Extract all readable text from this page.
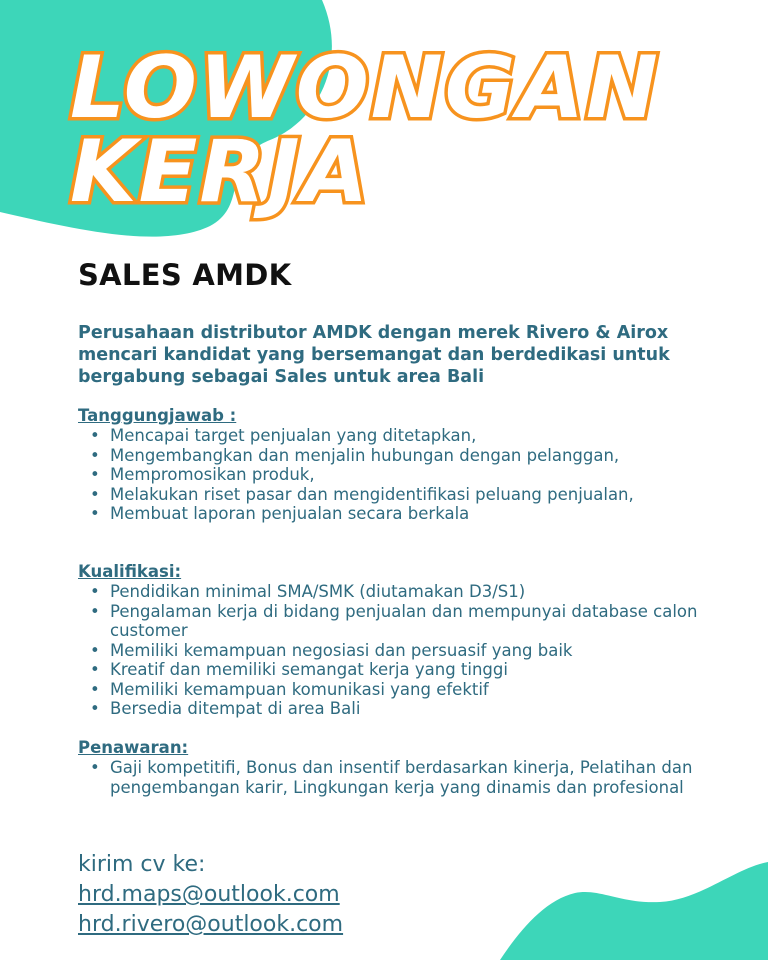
LOWONGAN
KERJA
SALES AMDK

Perusahaan distributor AMDK dengan merek Rivero & Airox mencari kandidat yang bersemangat dan berdedikasi untuk bergabung sebagai Sales untuk area Bali

Tanggungjawab :
• Mencapai target penjualan yang ditetapkan,
• Mengembangkan dan menjalin hubungan dengan pelanggan,
• Mempromosikan produk,
• Melakukan riset pasar dan mengidentifikasi peluang penjualan,
• Membuat laporan penjualan secara berkala
Kualifikasi:
• Pendidikan minimal SMA/SMK (diutamakan D3/S1)
• Pengalaman kerja di bidang penjualan dan mempunyai database calon customer
• Memiliki kemampuan negosiasi dan persuasif yang baik
• Kreatif dan memiliki semangat kerja yang tinggi
• Memiliki kemampuan komunikasi yang efektif
• Bersedia ditempat di area Bali
Penawaran:
• Gaji kompetitifi, Bonus dan insentif berdasarkan kinerja, Pelatihan dan pengembangan karir, Lingkungan kerja yang dinamis dan profesional
kirim cv ke:
hrd.maps@outlook.com
hrd.rivero@outlook.com
